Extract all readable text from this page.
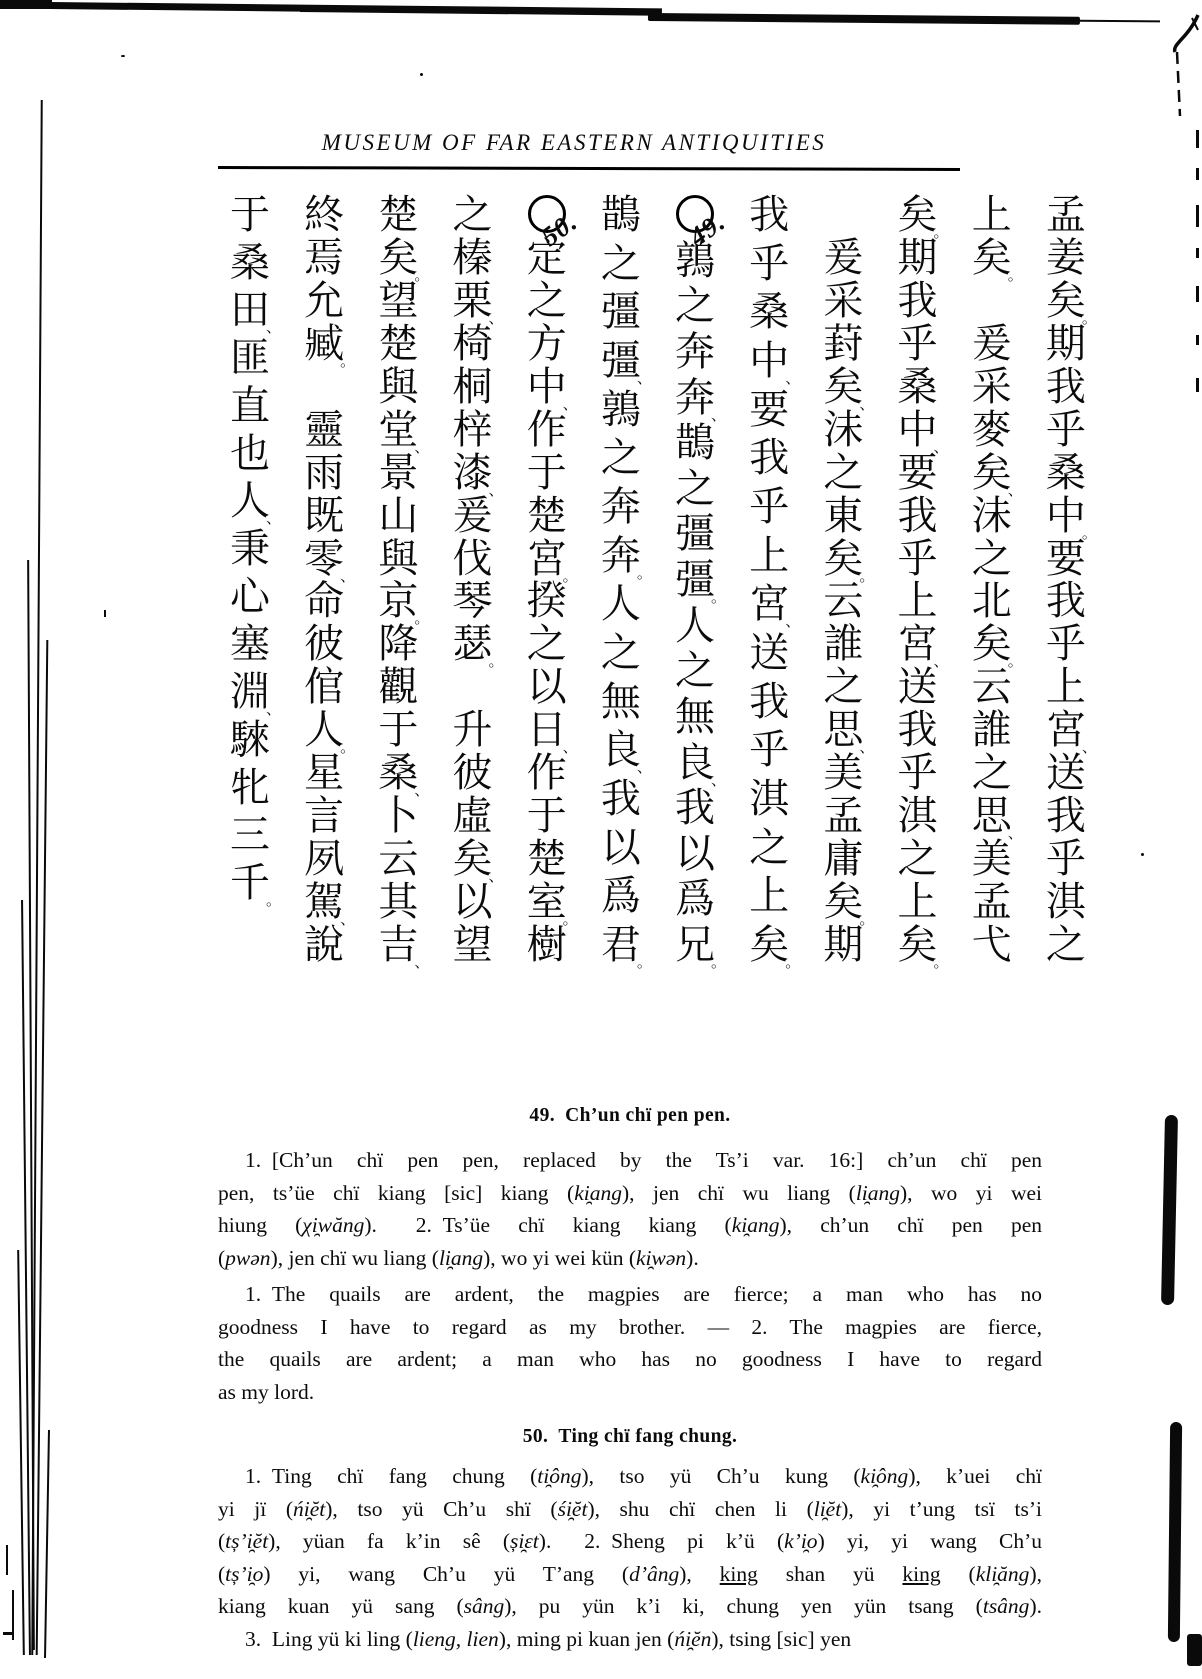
MUSEUM OF FAR EASTERN ANTIQUITIES
孟
姜
矣
。
期
我
乎
桑
中
。
要
我
乎
上
宮
、
送
我
乎
淇
之
上
矣
。
爰
采
麥
矣
、
沬
之
北
矣
。
云
誰
之
思
、
美
孟
弋
矣
。
期
我
乎
桑
中
、
要
我
乎
上
宮
、
送
我
乎
淇
之
上
矣
。
爰
采
葑
矣
、
沬
之
東
矣
。
云
誰
之
思
、
美
孟
庸
矣
。
期
我
乎
桑
中
、
要
我
乎
上
宮
、
送
我
乎
淇
之
上
矣
。
49.
鶉
之
奔
奔
、
鵲
之
彊
彊
。
人
之
無
良
、
我
以
爲
兄
。
鵲
之
彊
彊
、
鶉
之
奔
奔
。
人
之
無
良
、
我
以
爲
君
。
50.
定
之
方
中
、
作
于
楚
宮
。
揆
之
以
日
、
作
于
楚
室
。
樹
之
榛
栗
、
椅
桐
梓
漆
、
爰
伐
琴
瑟
。
升
彼
虛
矣
、
以
望
楚
矣
。
望
楚
與
堂
、
景
山
與
京
。
降
觀
于
桑
、
卜
云
其
吉
、
終
焉
允
臧
。
靈
雨
既
零
、
命
彼
倌
人
。
星
言
夙
駕
、
說
于
桑
田
、
匪
直
也
人
、
秉
心
塞
淵
、
騋
牝
三
千
。
49. Ch’un chï pen pen.
1. [Ch’un chï pen pen, replaced by the Ts’i var. 16:] ch’un chï pen
pen, ts’üe chï kiang [sic] kiang (ki̯ang), jen chï wu liang (li̯ang), wo yi wei
hiung (χi̯wăng).  2. Ts’üe chï kiang kiang (ki̯ang), ch’un chï pen pen
(pwən), jen chï wu liang (li̯ang), wo yi wei kün (ki̯wən).
1. The quails are ardent, the magpies are fierce; a man who has no
goodness I have to regard as my brother. — 2. The magpies are fierce,
the quails are ardent; a man who has no goodness I have to regard
as my lord.
50. Ting chï fang chung.
1. Ting chï fang chung (ti̯ông), tso yü Ch’u kung (ki̯ông), k’uei chï
yi jï (ńi̯ĕt), tso yü Ch’u shï (śi̯ĕt), shu chï chen li (li̯ĕt), yi t’ung tsï ts’i
(tș’i̯ĕt), yüan fa k’in sê (și̯ɛt).  2. Sheng pi k’ü (k’i̯o) yi, yi wang Ch’u
(tș’i̯o) yi, wang Ch’u yü T’ang (d’âng), king shan yü king (kli̯ăng),
kiang kuan yü sang (sâng), pu yün k’i ki, chung yen yün tsang (tsâng).
3. Ling yü ki ling (lieng, lien), ming pi kuan jen (ńi̯ĕn), tsing [sic] yen
